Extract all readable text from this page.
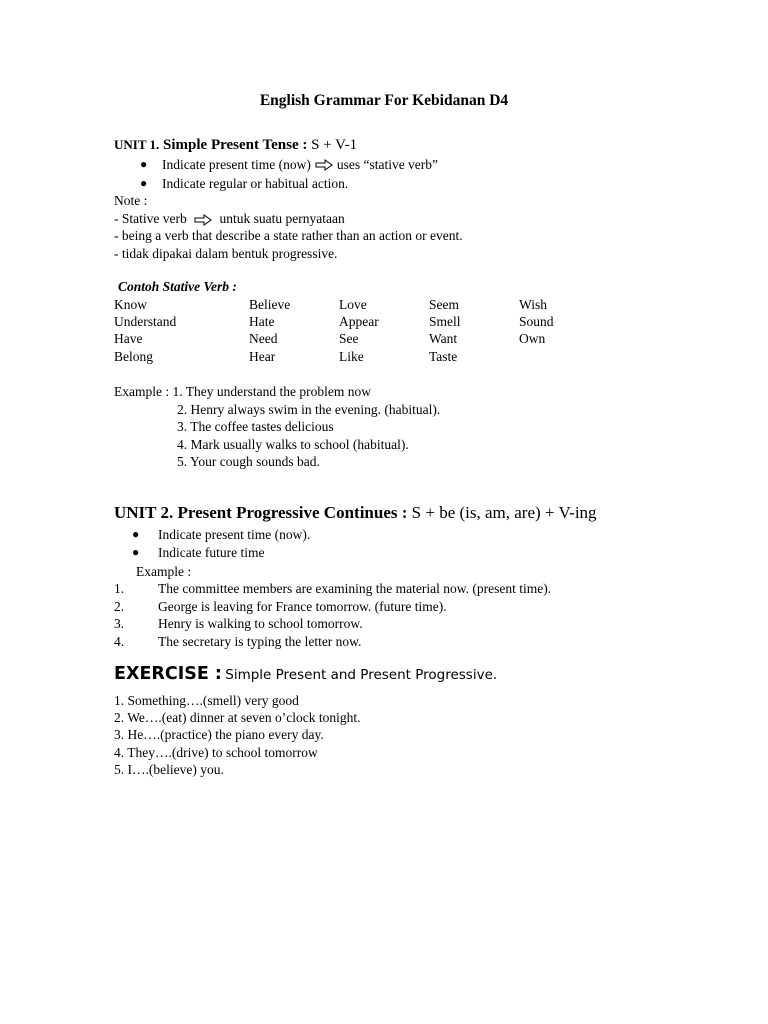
English Grammar For Kebidanan D4
UNIT 1. Simple Present Tense : S + V-1
●	Indicate present time (now) uses “stative verb”
●	Indicate regular or habitual action.
Note :
- Stative verb untuk suatu pernyataan
- being a verb that describe a state rather than an action or event.
- tidak dipakai dalam bentuk progressive.
Contoh Stative Verb :
Know	Believe	Love	Seem	Wish
Understand	Hate	Appear	Smell	Sound
Have	Need	See	Want	Own
Belong	Hear	Like	Taste
Example : 1. They understand the problem now
2. Henry always swim in the evening. (habitual).
3. The coffee tastes delicious
4. Mark usually walks to school (habitual).
5. Your cough sounds bad.
UNIT 2. Present Progressive Continues : S + be (is, am, are) + V-ing
●	Indicate present time (now).
●	Indicate future time
Example :
1.	The committee members are examining the material now. (present time).
2.	George is leaving for France tomorrow. (future time).
3.	Henry is walking to school tomorrow.
4.	The secretary is typing the letter now.
EXERCISE : Simple Present and Present Progressive.
1. Something….(smell) very good
2. We….(eat) dinner at seven o’clock tonight.
3. He….(practice) the piano every day.
4. They….(drive) to school tomorrow
5. I….(believe) you.
